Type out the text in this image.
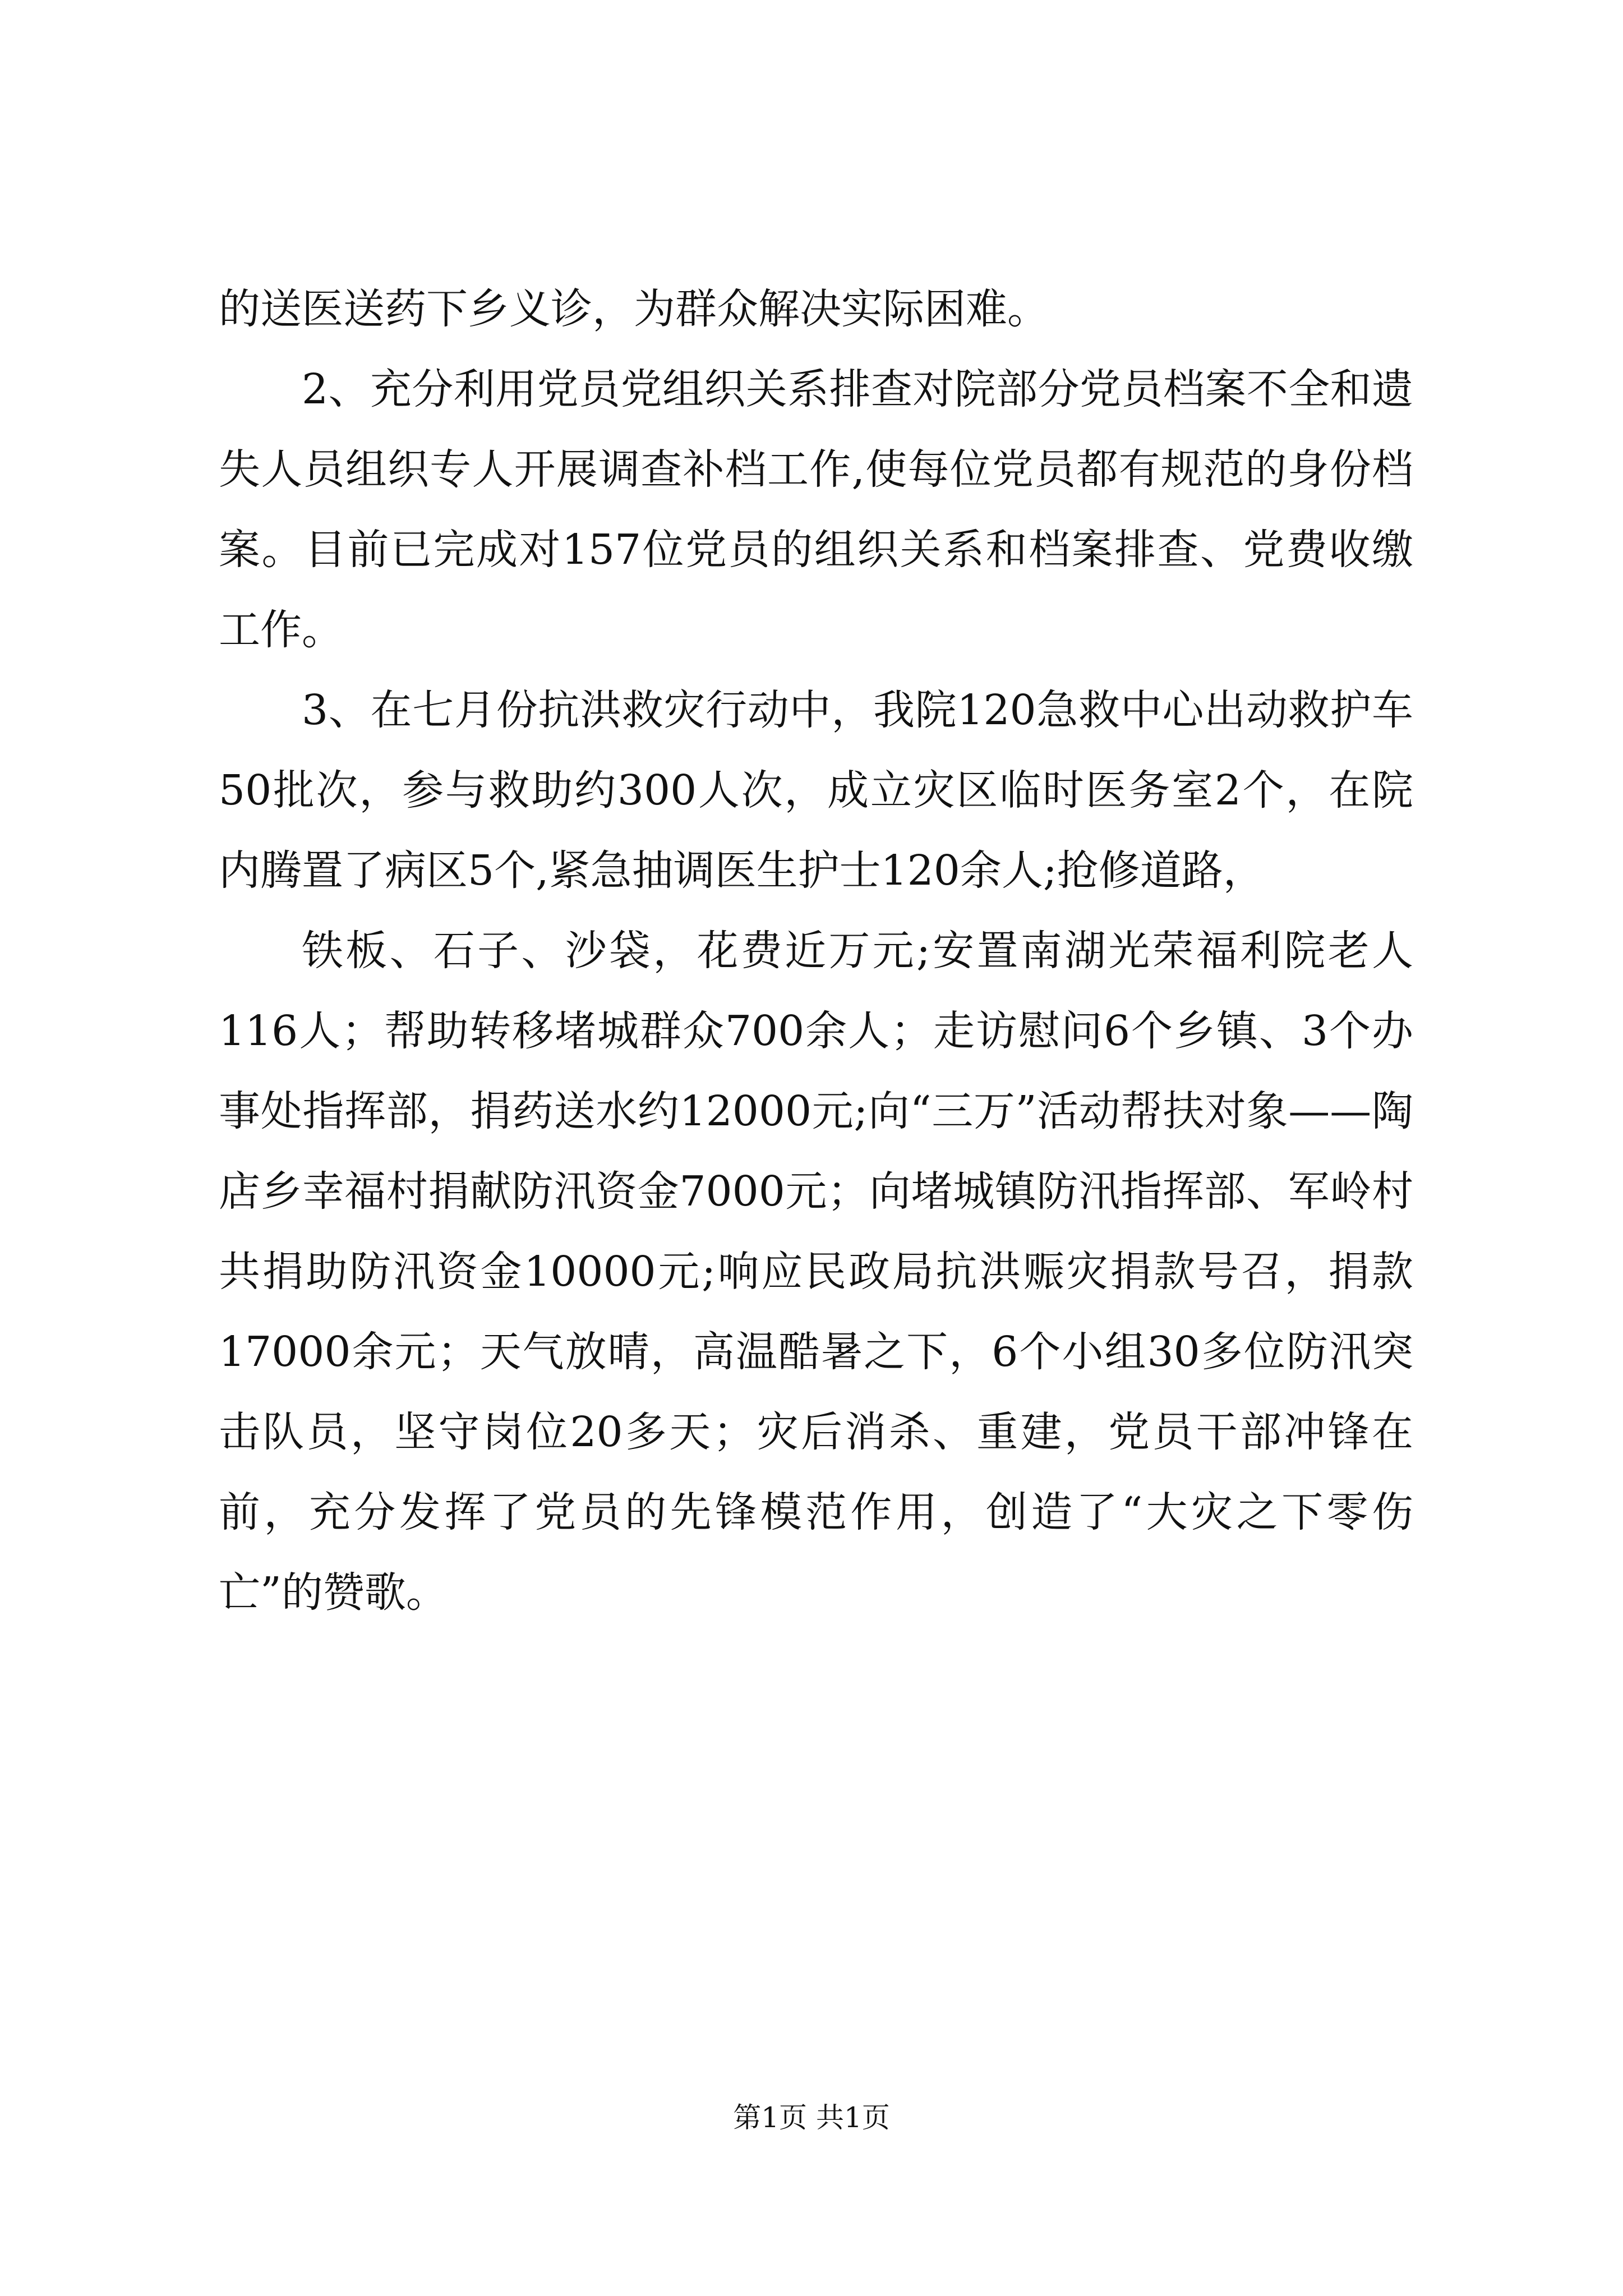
的送医送药下乡义诊，为群众解决实际困难。

2、充分利用党员党组织关系排查对院部分党员档案不全和遗失人员组织专人开展调查补档工作,使每位党员都有规范的身份档案。目前已完成对157位党员的组织关系和档案排查、党费收缴工作。

3、在七月份抗洪救灾行动中，我院120急救中心出动救护车50批次，参与救助约300人次，成立灾区临时医务室2个，在院内腾置了病区5个,紧急抽调医生护士120余人;抢修道路，

铁板、石子、沙袋，花费近万元;安置南湖光荣福利院老人116人；帮助转移堵城群众700余人；走访慰问6个乡镇、3个办事处指挥部，捐药送水约12000元;向“三万”活动帮扶对象——陶店乡幸福村捐献防汛资金7000元；向堵城镇防汛指挥部、军岭村共捐助防汛资金10000元;响应民政局抗洪赈灾捐款号召，捐款17000余元；天气放晴，高温酷暑之下，6个小组30多位防汛突击队员，坚守岗位20多天；灾后消杀、重建，党员干部冲锋在前，充分发挥了党员的先锋模范作用，创造了“大灾之下零伤亡”的赞歌。

第1页 共1页
